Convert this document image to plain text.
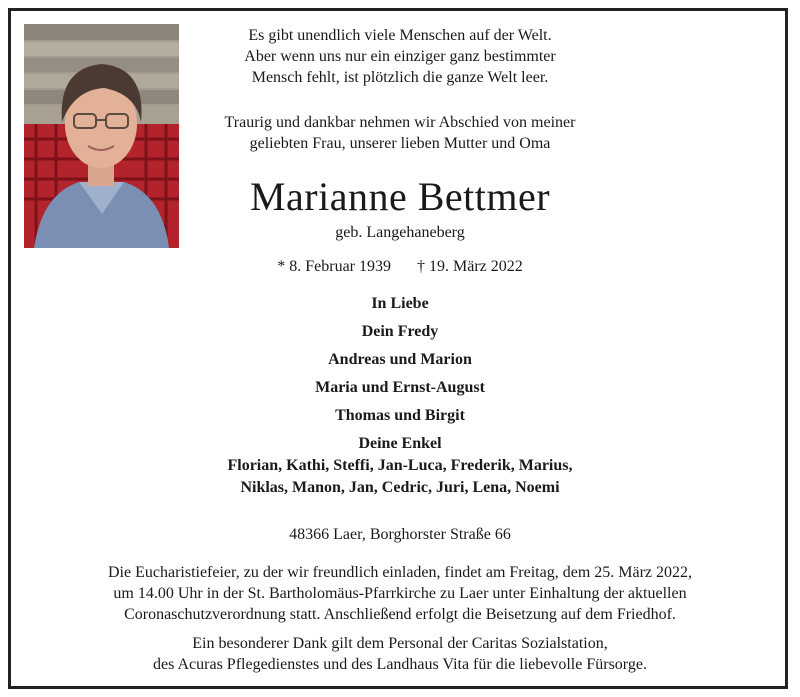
Es gibt unendlich viele Menschen auf der Welt.

Aber wenn uns nur ein einziger ganz bestimmter

Mensch fehlt, ist plötzlich die ganze Welt leer.

Traurig und dankbar nehmen wir Abschied von meiner

geliebten Frau, unserer lieben Mutter und Oma

Marianne Bettmer

geb. Langehaneberg

* 8. Februar 1939 † 19. März 2022

In Liebe
Dein Fredy
Andreas und Marion
Maria und Ernst-August
Thomas und Birgit
Deine Enkel
Florian, Kathi, Steffi, Jan-Luca, Frederik, Marius,
Niklas, Manon, Jan, Cedric, Juri, Lena, Noemi

48366 Laer, Borghorster Straße 66

Die Eucharistiefeier, zu der wir freundlich einladen, findet am Freitag, dem 25. März 2022,

um 14.00 Uhr in der St. Bartholomäus-Pfarrkirche zu Laer unter Einhaltung der aktuellen

Coronaschutzverordnung statt. Anschließend erfolgt die Beisetzung auf dem Friedhof.

Ein besonderer Dank gilt dem Personal der Caritas Sozialstation,

des Acuras Pflegedienstes und des Landhaus Vita für die liebevolle Fürsorge.
